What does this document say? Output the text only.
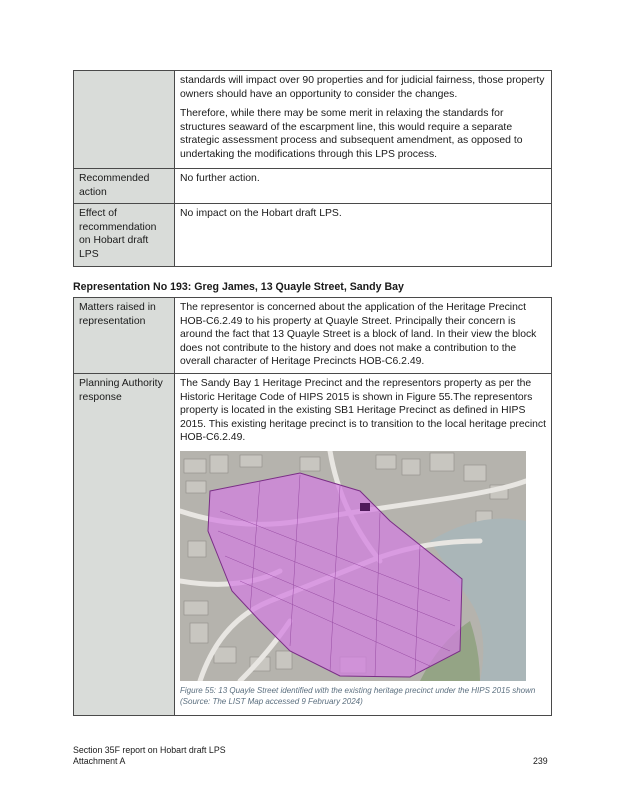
	standards will impact over 90 properties and for judicial fairness, those property owners should have an opportunity to consider the changes.

Therefore, while there may be some merit in relaxing the standards for structures seaward of the escarpment line, this would require a separate strategic assessment process and subsequent amendment, as opposed to undertaking the modifications through this LPS process.

Recommended action	No further action.
Effect of recommendation on Hobart draft LPS	No impact on the Hobart draft LPS.
Representation No 193: Greg James, 13 Quayle Street, Sandy Bay
Matters raised in representation	The representor is concerned about the application of the Heritage Precinct HOB-C6.2.49 to his property at Quayle Street. Principally their concern is around the fact that 13 Quayle Street is a block of land. In their view the block does not contribute to the history and does not make a contribution to the overall character of Heritage Precincts HOB-C6.2.49.
Planning Authority response	The Sandy Bay 1 Heritage Precinct and the representors property as per the Historic Heritage Code of HIPS 2015 is shown in Figure 55.The representors property is located in the existing SB1 Heritage Precinct as defined in HIPS 2015. This existing heritage precinct is to transition to the local heritage precinct HOB-C6.2.49.

Figure 55: 13 Quayle Street identified with the existing heritage precinct under the HIPS 2015 shown (Source: The LIST Map accessed 9 February 2024)
Section 35F report on Hobart draft LPS
Attachment A	239
